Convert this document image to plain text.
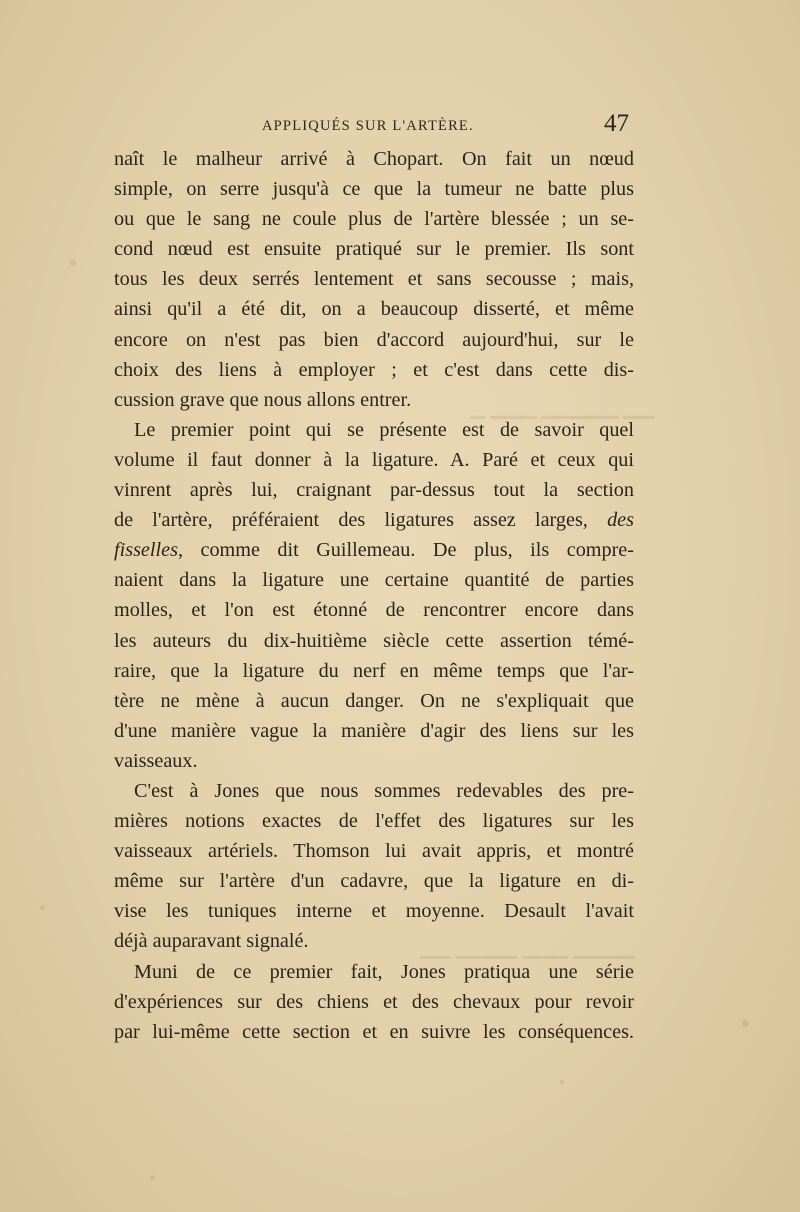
▁ ▁▁▁ ▁▁▁▁▁ ▁▁
▁▁ ▁▁▁▁ ▁▁▁ ▁▁▁▁
APPLIQUÉS SUR L'ARTÈRE.	47
naît le malheur arrivé à Chopart. On fait un nœud
simple, on serre jusqu'à ce que la tumeur ne batte plus
ou que le sang ne coule plus de l'artère blessée ; un se-
cond nœud est ensuite pratiqué sur le premier. Ils sont
tous les deux serrés lentement et sans secousse ; mais,
ainsi qu'il a été dit, on a beaucoup disserté, et même
encore on n'est pas bien d'accord aujourd'hui, sur le
choix des liens à employer ; et c'est dans cette dis-
cussion grave que nous allons entrer.
Le premier point qui se présente est de savoir quel
volume il faut donner à la ligature. A. Paré et ceux qui
vinrent après lui, craignant par-dessus tout la section
de l'artère, préféraient des ligatures assez larges, des
fisselles, comme dit Guillemeau. De plus, ils compre-
naient dans la ligature une certaine quantité de parties
molles, et l'on est étonné de rencontrer encore dans
les auteurs du dix-huitième siècle cette assertion témé-
raire, que la ligature du nerf en même temps que l'ar-
tère ne mène à aucun danger. On ne s'expliquait que
d'une manière vague la manière d'agir des liens sur les
vaisseaux.
C'est à Jones que nous sommes redevables des pre-
mières notions exactes de l'effet des ligatures sur les
vaisseaux artériels. Thomson lui avait appris, et montré
même sur l'artère d'un cadavre, que la ligature en di-
vise les tuniques interne et moyenne. Desault l'avait
déjà auparavant signalé.
Muni de ce premier fait, Jones pratiqua une série
d'expériences sur des chiens et des chevaux pour revoir
par lui-même cette section et en suivre les conséquences.
